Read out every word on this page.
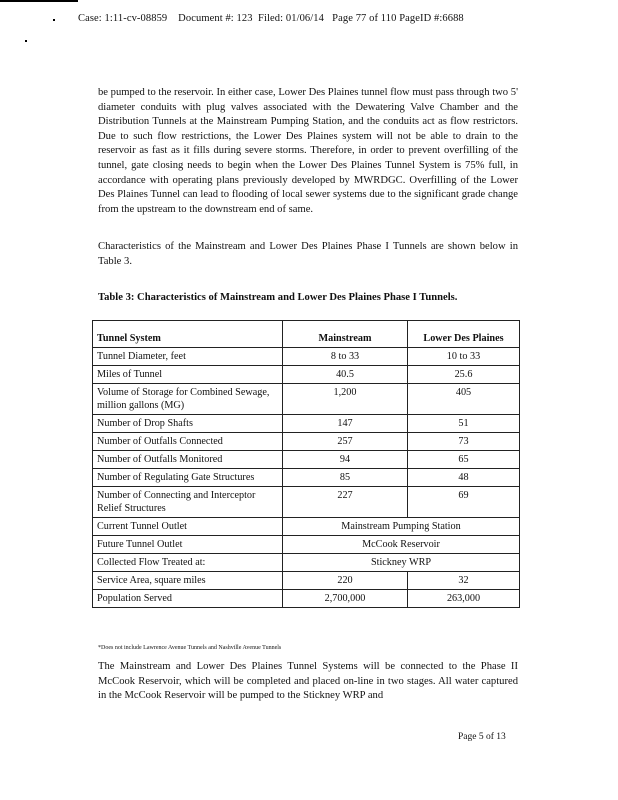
Case: 1:11-cv-08859    Document #: 123  Filed: 01/06/14   Page 77 of 110 PageID #:6688
be pumped to the reservoir. In either case, Lower Des Plaines tunnel flow must pass through two 5' diameter conduits with plug valves associated with the Dewatering Valve Chamber and the Distribution Tunnels at the Mainstream Pumping Station, and the conduits act as flow restrictors. Due to such flow restrictions, the Lower Des Plaines system will not be able to drain to the reservoir as fast as it fills during severe storms. Therefore, in order to prevent overfilling of the tunnel, gate closing needs to begin when the Lower Des Plaines Tunnel System is 75% full, in accordance with operating plans previously developed by MWRDGC. Overfilling of the Lower Des Plaines Tunnel can lead to flooding of local sewer systems due to the significant grade change from the upstream to the downstream end of same.
Characteristics of the Mainstream and Lower Des Plaines Phase I Tunnels are shown below in Table 3.
Table 3: Characteristics of Mainstream and Lower Des Plaines Phase I Tunnels.
Tunnel System	Mainstream	Lower Des Plaines
Tunnel Diameter, feet	8 to 33	10 to 33
Miles of Tunnel	40.5	25.6
Volume of Storage for Combined Sewage, million gallons (MG)	1,200	405
Number of Drop Shafts	147	51
Number of Outfalls Connected	257	73
Number of Outfalls Monitored	94	65
Number of Regulating Gate Structures	85	48
Number of Connecting and Interceptor Relief Structures	227	69
Current Tunnel Outlet	Mainstream Pumping Station	
Future Tunnel Outlet	McCook Reservoir	
Collected Flow Treated at:	Stickney WRP	
Service Area, square miles	220	32
Population Served	2,700,000	263,000
*Does not include Lawrence Avenue Tunnels and Nashville Avenue Tunnels
The Mainstream and Lower Des Plaines Tunnel Systems will be connected to the Phase II McCook Reservoir, which will be completed and placed on-line in two stages. All water captured in the McCook Reservoir will be pumped to the Stickney WRP and
Page 5 of 13
